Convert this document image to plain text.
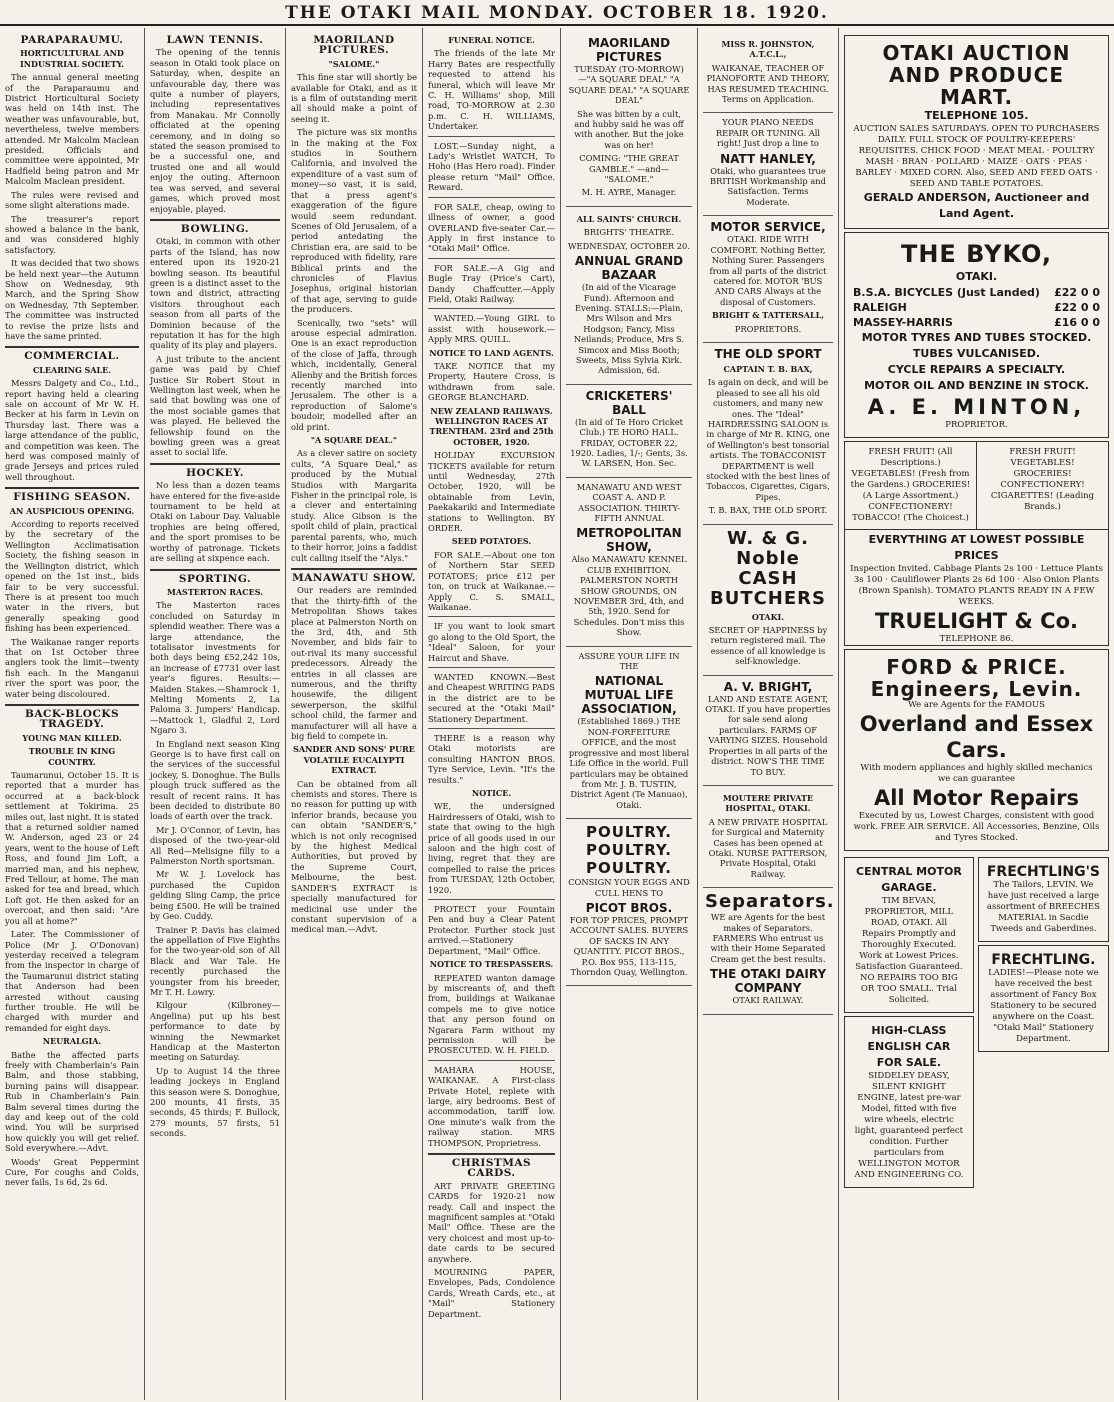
THE OTAKI MAIL MONDAY. OCTOBER 18. 1920.
PARAPARAUMU.
HORTICULTURAL AND INDUSTRIAL SOCIETY.

The annual general meeting of the Paraparaumu and District Horticultural Society was held on 14th inst. The weather was unfavourable, but, nevertheless, twelve members attended. Mr Malcolm Maclean presided. Officials and committee were appointed, Mr Hadfield being patron and Mr Malcolm Maclean president.

The rules were revised and some slight alterations made.

The treasurer's report showed a balance in the bank, and was considered highly satisfactory.

It was decided that two shows be held next year—the Autumn Show on Wednesday, 9th March, and the Spring Show on Wednesday, 7th September. The committee was instructed to revise the prize lists and have the same printed.

COMMERCIAL.
CLEARING SALE.

Messrs Dalgety and Co., Ltd., report having held a clearing sale on account of Mr W. H. Becker at his farm in Levin on Thursday last. There was a large attendance of the public, and competition was keen. The herd was composed mainly of grade Jerseys and prices ruled well throughout.

FISHING SEASON.
AN AUSPICIOUS OPENING.

According to reports received by the secretary of the Wellington Acclimatisation Society, the fishing season in the Wellington district, which opened on the 1st inst., bids fair to be very successful. There is at present too much water in the rivers, but generally speaking good fishing has been experienced.

The Waikanae ranger reports that on 1st October three anglers took the limit—twenty fish each. In the Manganui river the sport was poor, the water being discoloured.

BACK-BLOCKS TRAGEDY.
YOUNG MAN KILLED.
TROUBLE IN KING COUNTRY.

Taumarunui, October 15. It is reported that a murder has occurred at a back-block settlement at Tokirima. 25 miles out, last night. It is stated that a returned soldier named W. Anderson, aged 23 or 24 years, went to the house of Left Ross, and found Jim Loft, a married man, and his nephew, Fred Tellour, at home. The man asked for tea and bread, which Loft got. He then asked for an overcoat, and then said: "Are you all at home?"

Later. The Commissioner of Police (Mr J. O'Donovan) yesterday received a telegram from the inspector in charge of the Taumarunui district stating that Anderson had been arrested without causing further trouble. He will be charged with murder and remanded for eight days.

NEURALGIA.

Bathe the affected parts freely with Chamberlain's Pain Balm, and those stabbing, burning pains will disappear. Rub in Chamberlain's Pain Balm several times during the day and keep out of the cold wind. You will be surprised how quickly you will get relief. Sold everywhere.—Advt.

Woods' Great Peppermint Cure, For coughs and Colds, never fails, 1s 6d, 2s 6d.

LAWN TENNIS.

The opening of the tennis season in Otaki took place on Saturday, when, despite an unfavourable day, there was quite a number of players, including representatives from Manakau. Mr Connolly officiated at the opening ceremony, and in doing so stated the season promised to be a successful one, and trusted one and all would enjoy the outing. Afternoon tea was served, and several games, which proved most enjoyable, played.

BOWLING.

Otaki, in common with other parts of the Island, has now entered upon its 1920-21 bowling season. Its beautiful green is a distinct asset to the town and district, attracting visitors throughout each season from all parts of the Dominion because of the reputation it has for the high quality of its play and players.

A just tribute to the ancient game was paid by Chief Justice Sir Robert Stout in Wellington last week, when he said that bowling was one of the most sociable games that was played. He believed the fellowship found on the bowling green was a great asset to social life.

HOCKEY.

No less than a dozen teams have entered for the five-aside tournament to be held at Otaki on Labour Day. Valuable trophies are being offered, and the sport promises to be worthy of patronage. Tickets are selling at sixpence each.

SPORTING.
MASTERTON RACES.

The Masterton races concluded on Saturday in splendid weather. There was a large attendance, the totalisator investments for both days being £52,242 10s, an increase of £7731 over last year's figures. Results:— Maiden Stakes.—Shamrock 1, Melting Moments 2, La Paloma 3. Jumpers' Handicap.—Mattock 1, Gladful 2, Lord Ngaro 3.

In England next season King George is to have first call on the services of the successful jockey, S. Donoghue. The Bulls plough truck suffered as the result of recent rains. It has been decided to distribute 80 loads of earth over the track.

Mr J. O'Connor, of Levin, has disposed of the two-year-old All Red—Melisigne filly to a Palmerston North sportsman.

Mr W. J. Lovelock has purchased the Cupidon gelding Sling Camp, the price being £500. He will be trained by Geo. Cuddy.

Trainer P. Davis has claimed the appellation of Five Eighths for the two-year-old son of All Black and War Tale. He recently purchased the youngster from his breeder, Mr T. H. Lowry.

Kilgour (Kilbroney—Angelina) put up his best performance to date by winning the Newmarket Handicap at the Masterton meeting on Saturday.

Up to August 14 the three leading jockeys in England this season were S. Donoghue, 200 mounts, 41 firsts, 35 seconds, 45 thirds; F. Bullock, 279 mounts, 57 firsts, 51 seconds.

MAORILAND PICTURES.
"SALOME."

This fine star will shortly be available for Otaki, and as it is a film of outstanding merit all should make a point of seeing it.

The picture was six months in the making at the Fox studios in Southern California, and involved the expenditure of a vast sum of money—so vast, it is said, that a press agent's exaggeration of the figure would seem redundant. Scenes of Old Jerusalem, of a period antedating the Christian era, are said to be reproduced with fidelity, rare Biblical prints and the chronicles of Flavius Josephus, original historian of that age, serving to guide the producers.

Scenically, two "sets" will arouse especial admiration. One is an exact reproduction of the close of Jaffa, through which, incidentally, General Allenby and the British forces recently marched into Jerusalem. The other is a reproduction of Salome's boudoir, modelled after an old print.

"A SQUARE DEAL."

As a clever satire on society cults, "A Square Deal," as produced by the Mutual Studios with Margarita Fisher in the principal role, is a clever and entertaining study. Alice Gibson is the spoilt child of plain, practical parental parents, who, much to their horror, joins a faddist cult calling itself the "Alys."

MANAWATU SHOW.

Our readers are reminded that the thirty-fifth of the Metropolitan Shows takes place at Palmerston North on the 3rd, 4th, and 5th November, and bids fair to out-rival its many successful predecessors. Already the entries in all classes are numerous, and the thrifty housewife, the diligent sewerperson, the skilful school child, the farmer and manufacturer will all have a big field to compete in.

SANDER AND SONS' PURE VOLATILE EUCALYPTI EXTRACT.

Can be obtained from all chemists and stores. There is no reason for putting up with inferior brands, because you can obtain "SANDER'S," which is not only recognised by the highest Medical Authorities, but proved by the Supreme Court, Melbourne, the best. SANDER'S EXTRACT is specially manufactured for medicinal use under the constant supervision of a medical man.—Advt.

FUNERAL NOTICE.

The friends of the late Mr Harry Bates are respectfully requested to attend his funeral, which will leave Mr C. H. Williams' shop, Mill road, TO-MORROW at 2.30 p.m. C. H. WILLIAMS, Undertaker.

LOST.—Sunday night, a Lady's Wristlet WATCH, To Hoho (Has Hero road). Finder please return "Mail" Office. Reward.

FOR SALE, cheap, owing to illness of owner, a good OVERLAND five-seater Car.—Apply in first instance to "Otaki Mail" Office.

FOR SALE.—A Gig and Bugle Tray (Price's Cart), Dandy Chaffcutter.—Apply Field, Otaki Railway.

WANTED.—Young GIRL to assist with housework.—Apply MRS. QUILL.

NOTICE TO LAND AGENTS.

TAKE NOTICE that my Property, Hautere Cross, is withdrawn from sale. GEORGE BLANCHARD.

NEW ZEALAND RAILWAYS. WELLINGTON RACES AT TRENTHAM. 23rd and 25th OCTOBER, 1920.

HOLIDAY EXCURSION TICKETS available for return until Wednesday, 27th October, 1920, will be obtainable from Levin, Paekakariki and Intermediate stations to Wellington. BY ORDER.

SEED POTATOES.

FOR SALE.—About one ton of Northern Star SEED POTATOES; price £12 per ton, on truck at Waikanae.—Apply C. S. SMALL, Waikanae.

IF you want to look smart go along to the Old Sport, the "Ideal" Saloon, for your Haircut and Shave.

WANTED KNOWN.—Best and Cheapest WRITING PADS in the district are to be secured at the "Otaki Mail" Stationery Department.

THERE is a reason why Otaki motorists are consulting HANTON BROS. Tyre Service, Levin. "It's the results."

NOTICE.

WE, the undersigned Hairdressers of Otaki, wish to state that owing to the high price of all goods used in our saloon and the high cost of living, regret that they are compelled to raise the prices from TUESDAY, 12th October, 1920.

PROTECT your Fountain Pen and buy a Clear Patent Protector. Further stock just arrived.—Stationery Department, "Mail" Office.

NOTICE TO TRESPASSERS.

REPEATED wanton damage by miscreants of, and theft from, buildings at Waikanae compels me to give notice that any person found on Ngarara Farm without my permission will be PROSECUTED. W. H. FIELD.

MAHARA HOUSE, WAIKANAE. A First-class Private Hotel, replete with large, airy bedrooms. Best of accommodation, tariff low. One minute's walk from the railway station. MRS THOMPSON, Proprietress.

CHRISTMAS CARDS.

ART PRIVATE GREETING CARDS for 1920-21 now ready. Call and inspect the magnificent samples at "Otaki Mail" Office. These are the very choicest and most up-to-date cards to be secured anywhere.

MOURNING PAPER, Envelopes, Pads, Condolence Cards, Wreath Cards, etc., at "Mail" Stationery Department.

MAORILAND PICTURES

TUESDAY (TO-MORROW)—"A SQUARE DEAL" "A SQUARE DEAL" "A SQUARE DEAL"

She was bitten by a cult, and hubby said he was off with another. But the joke was on her!

COMING: "THE GREAT GAMBLE." —and— "SALOME."

M. H. AYRE, Manager.

ALL SAINTS' CHURCH.

BRIGHTS' THEATRE.

WEDNESDAY, OCTOBER 20.

ANNUAL GRAND BAZAAR

(In aid of the Vicarage Fund). Afternoon and Evening. STALLS:—Plain, Mrs Wilson and Mrs Hodgson; Fancy, Miss Neilands; Produce, Mrs S. Simcox and Miss Booth; Sweets, Miss Sylvia Kirk. Admission, 6d.

CRICKETERS' BALL

(In aid of Te Horo Cricket Club.) TE HORO HALL. FRIDAY, OCTOBER 22, 1920. Ladies, 1/-; Gents, 3s. W. LARSEN, Hon. Sec.

MANAWATU AND WEST COAST A. AND P. ASSOCIATION. THIRTY-FIFTH ANNUAL

METROPOLITAN SHOW,

Also MANAWATU KENNEL CLUB EXHIBITION. PALMERSTON NORTH SHOW GROUNDS, ON NOVEMBER 3rd, 4th, and 5th, 1920. Send for Schedules. Don't miss this Show.

ASSURE YOUR LIFE IN THE

NATIONAL MUTUAL LIFE ASSOCIATION,

(Established 1869.) THE NON-FORFEITURE OFFICE, and the most progressive and most liberal Life Office in the world. Full particulars may be obtained from Mr. J. B. TUSTIN, District Agent (Te Manuao), Otaki.

POULTRY. POULTRY. POULTRY.

CONSIGN YOUR EGGS AND CULL HENS TO

PICOT BROS.

FOR TOP PRICES, PROMPT ACCOUNT SALES. BUYERS OF SACKS IN ANY QUANTITY. PICOT BROS., P.O. Box 955, 113-115, Thorndon Quay, Wellington.

MISS R. JOHNSTON, A.T.C.L.,

WAIKANAE, TEACHER OF PIANOFORTE AND THEORY, HAS RESUMED TEACHING. Terms on Application.

YOUR PIANO NEEDS REPAIR OR TUNING. All right! Just drop a line to

NATT HANLEY,

Otaki, who guarantees true BRITISH Workmanship and Satisfaction. Terms Moderate.

MOTOR SERVICE,

OTAKI. RIDE WITH COMFORT. Nothing Better, Nothing Surer. Passengers from all parts of the district catered for. MOTOR 'BUS AND CARS Always at the disposal of Customers.

BRIGHT & TATTERSALL,

PROPRIETORS.

THE OLD SPORT
CAPTAIN T. B. BAX,

Is again on deck, and will be pleased to see all his old customers, and many new ones. The "Ideal" HAIRDRESSING SALOON is in charge of Mr R. KING, one of Wellington's best tonsorial artists. The TOBACCONIST DEPARTMENT is well stocked with the best lines of Tobaccos, Cigarettes, Cigars, Pipes.

T. B. BAX, THE OLD SPORT.

W. & G. Noble CASH BUTCHERS
OTAKI.

SECRET OF HAPPINESS by return registered mail. The essence of all knowledge is self-knowledge.

A. V. BRIGHT,

LAND AND ESTATE AGENT, OTAKI. If you have properties for sale send along particulars. FARMS OF VARYING SIZES. Household Properties in all parts of the district. NOW'S THE TIME TO BUY.

MOUTERE PRIVATE HOSPITAL, OTAKI.

A NEW PRIVATE HOSPITAL for Surgical and Maternity Cases has been opened at Otaki. NURSE PATTERSON, Private Hospital, Otaki Railway.

Separators.

WE are Agents for the best makes of Separators. FARMERS Who entrust us with their Home Separated Cream get the best results.

THE OTAKI DAIRY COMPANY

OTAKI RAILWAY.

OTAKI AUCTION AND PRODUCE MART.
TELEPHONE 105.
AUCTION SALES SATURDAYS. OPEN TO PURCHASERS DAILY. FULL STOCK OF POULTRY-KEEPERS' REQUISITES. CHICK FOOD · MEAT MEAL · POULTRY MASH · BRAN · POLLARD · MAIZE · OATS · PEAS · BARLEY · MIXED CORN. Also, SEED AND FEED OATS · SEED AND TABLE POTATOES.
GERALD ANDERSON, Auctioneer and Land Agent.
THE BYKO,
OTAKI.
B.S.A. BICYCLES (Just Landed) £22 0 0
RALEIGH	£22 0 0
MASSEY-HARRIS	£16 0 0
MOTOR TYRES AND TUBES STOCKED.
TUBES VULCANISED.
CYCLE REPAIRS A SPECIALTY.
MOTOR OIL AND BENZINE IN STOCK.
A. E. MINTON,
PROPRIETOR.
FRESH FRUIT! (All Descriptions.) VEGETABLES! (Fresh from the Gardens.) GROCERIES! (A Large Assortment.) CONFECTIONERY! TOBACCO! (The Choicest.)
FRESH FRUIT! VEGETABLES! GROCERIES! CONFECTIONERY! CIGARETTES! (Leading Brands.)
EVERYTHING AT LOWEST POSSIBLE PRICES
Inspection Invited. Cabbage Plants 2s 100 · Lettuce Plants 3s 100 · Cauliflower Plants 2s 6d 100 · Also Onion Plants (Brown Spanish). TOMATO PLANTS READY IN A FEW WEEKS.
TRUELIGHT & Co.
TELEPHONE 86.
FORD & PRICE.
Engineers, Levin.
We are Agents for the FAMOUS
Overland and Essex Cars.
With modern appliances and highly skilled mechanics we can guarantee
All Motor Repairs
Executed by us, Lowest Charges, consistent with good work. FREE AIR SERVICE. All Accessories, Benzine, Oils and Tyres Stocked.
CENTRAL MOTOR GARAGE.
TIM BEVAN, PROPRIETOR, MILL ROAD, OTAKI. All Repairs Promptly and Thoroughly Executed. Work at Lowest Prices. Satisfaction Guaranteed. NO REPAIRS TOO BIG OR TOO SMALL. Trial Solicited.
HIGH-CLASS ENGLISH CAR FOR SALE.
SIDDELEY DEASY, SILENT KNIGHT ENGINE, latest pre-war Model, fitted with five wire wheels, electric light, guaranteed perfect condition. Further particulars from WELLINGTON MOTOR AND ENGINEERING CO.
FRECHTLING'S
The Tailors, LEVIN. We have just received a large assortment of BREECHES MATERIAL in Sacdie Tweeds and Gaberdines.
FRECHTLING.
LADIES!—Please note we have received the best assortment of Fancy Box Stationery to be secured anywhere on the Coast. "Otaki Mail" Stationery Department.
